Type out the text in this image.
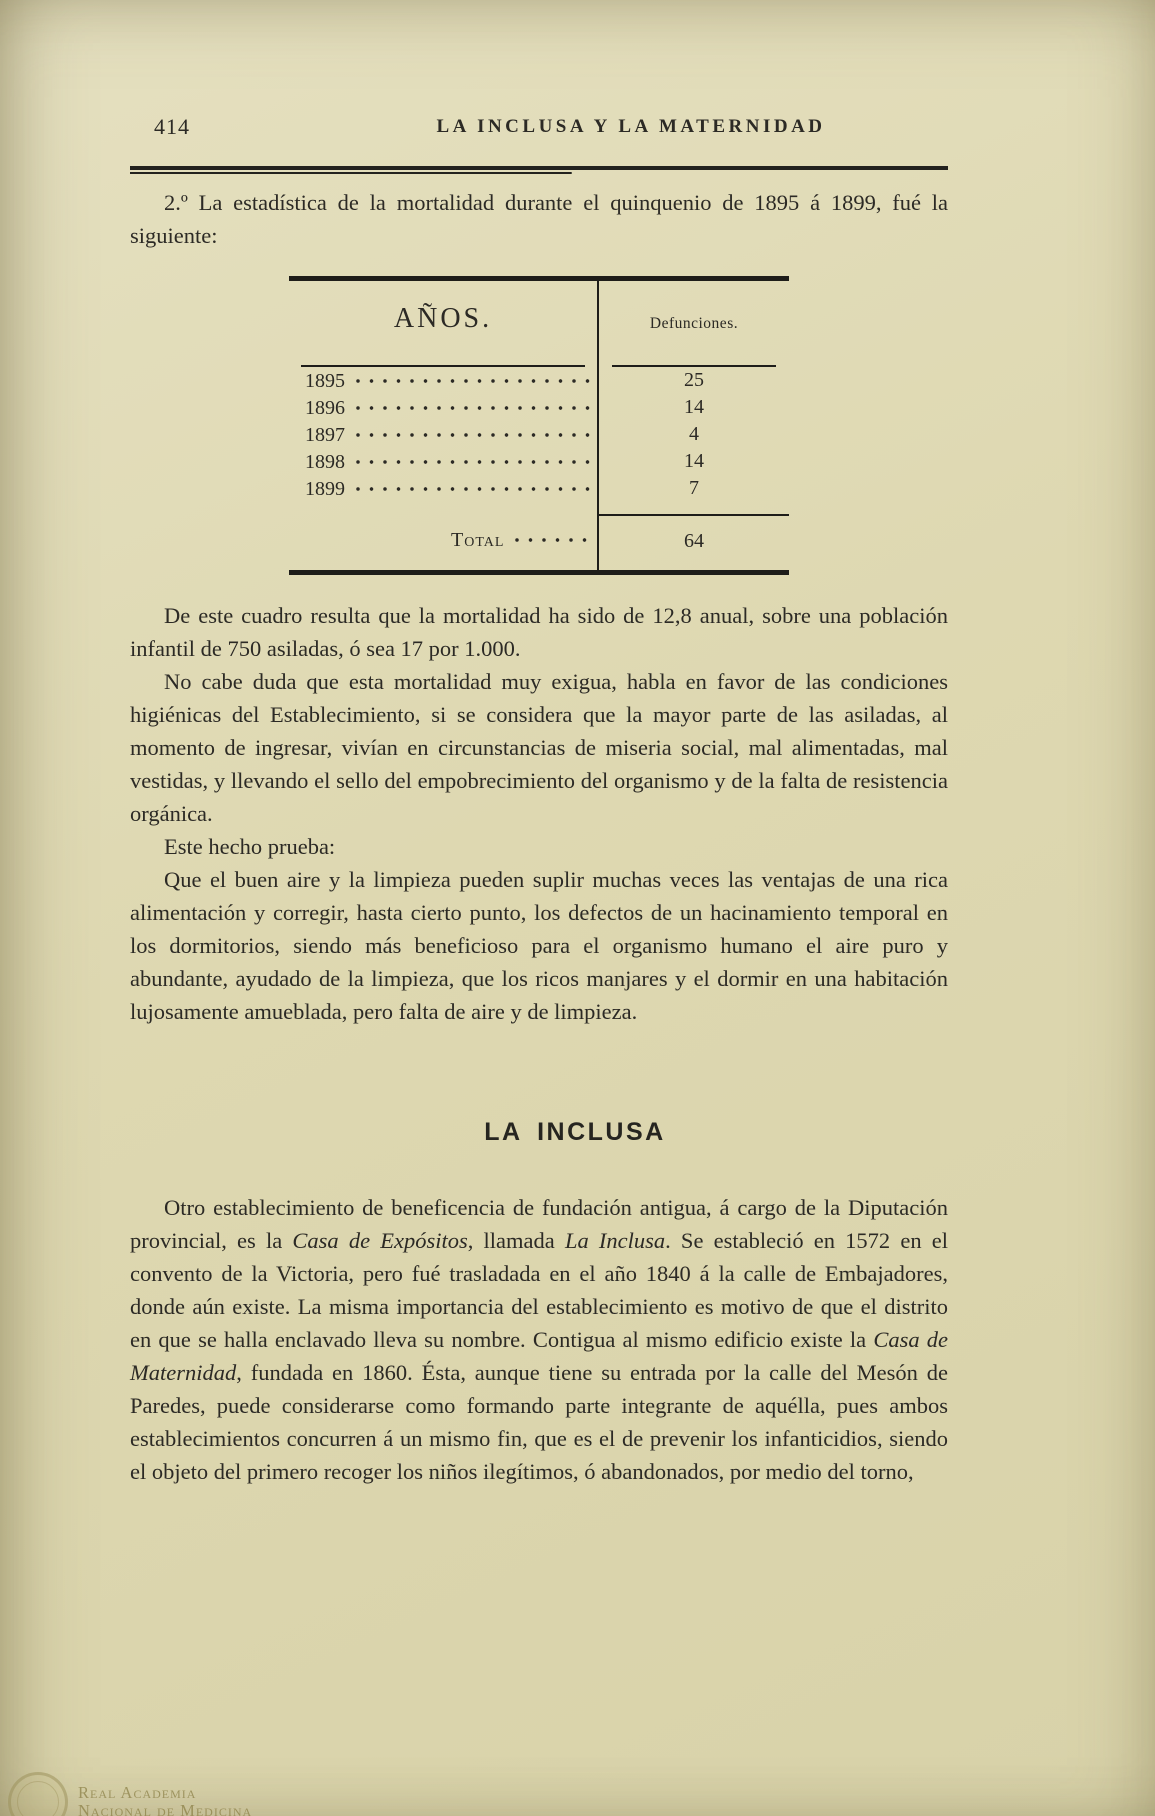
414	LA INCLUSA Y LA MATERNIDAD

2.º La estadística de la mortalidad durante el quinquenio de 1895 á 1899, fué la siguiente:

AÑOS.	Defunciones.
1895	25
1896	14
1897	4
1898	14
1899	7
Total	64

De este cuadro resulta que la mortalidad ha sido de 12,8 anual, sobre una población infantil de 750 asiladas, ó sea 17 por 1.000.

No cabe duda que esta mortalidad muy exigua, habla en favor de las condiciones higiénicas del Establecimiento, si se considera que la mayor parte de las asiladas, al momento de ingresar, vivían en circunstancias de miseria social, mal alimentadas, mal vestidas, y llevando el sello del empobrecimiento del organismo y de la falta de resistencia orgánica.

Este hecho prueba:

Que el buen aire y la limpieza pueden suplir muchas veces las ventajas de una rica alimentación y corregir, hasta cierto punto, los defectos de un hacinamiento temporal en los dormitorios, siendo más beneficioso para el organismo humano el aire puro y abundante, ayudado de la limpieza, que los ricos manjares y el dormir en una habitación lujosamente amueblada, pero falta de aire y de limpieza.

LA INCLUSA

Otro establecimiento de beneficencia de fundación antigua, á cargo de la Diputación provincial, es la Casa de Expósitos, llamada La Inclusa. Se estableció en 1572 en el convento de la Victoria, pero fué trasladada en el año 1840 á la calle de Embajadores, donde aún existe. La misma importancia del establecimiento es motivo de que el distrito en que se halla enclavado lleva su nombre. Contigua al mismo edificio existe la Casa de Maternidad, fundada en 1860. Ésta, aunque tiene su entrada por la calle del Mesón de Paredes, puede considerarse como formando parte integrante de aquélla, pues ambos establecimientos concurren á un mismo fin, que es el de prevenir los infanticidios, siendo el objeto del primero recoger los niños ilegítimos, ó abandonados, por medio del torno,

Real Academia
Nacional de Medicina
